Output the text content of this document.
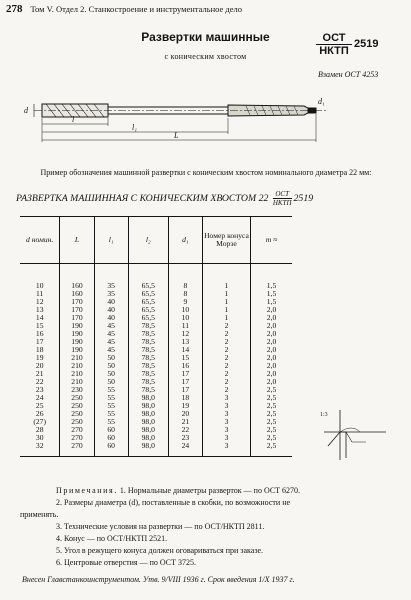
278 Том V. Отдел 2. Станкостроение и инструментальное дело
Развертки машинные
с коническим хвостом
ОСТ
НКТП
2519
Взамен ОСТ 4253
d
l
l₁
L
d₁
Пример обозначения машинной развертки с коническим хвостом номинального диаметра 22 мм:
РАЗВЕРТКА МАШИННАЯ С КОНИЧЕСКИМ ХВОСТОМ $22 \frac{\text{ОСТ}}{\text{НКТП}} 2519$
d номин.	L	l₁	l₂	d₁	Номер конуса Морзе	m ≈
10	160	35	65,5	8	1	1,5
11	160	35	65,5	8	1	1,5
12	170	40	65,5	9	1	1,5
13	170	40	65,5	10	1	2,0
14	170	40	65,5	10	1	2,0
15	190	45	78,5	11	2	2,0
16	190	45	78,5	12	2	2,0
17	190	45	78,5	13	2	2,0
18	190	45	78,5	14	2	2,0
19	210	50	78,5	15	2	2,0
20	210	50	78,5	16	2	2,0
21	210	50	78,5	17	2	2,0
22	210	50	78,5	17	2	2,0
23	230	55	78,5	17	2	2,5
24	250	55	98,0	18	3	2,5
25	250	55	98,0	19	3	2,5
26	250	55	98,0	20	3	2,5
(27)	250	55	98,0	21	3	2,5
28	270	60	98,0	22	3	2,5
30	270	60	98,0	23	3	2,5
32	270	60	98,0	24	3	2,5
1:3
Примечания. 1. Нормальные диаметры разверток — по ОСТ 6270.
2. Размеры диаметра (d), поставленные в скобки, по возможности не
применять.
3. Технические условия на развертки — по ОСТ/НКТП 2811.
4. Конус — по ОСТ/НКТП 2521.
5. Угол в режущего конуса должен оговариваться при заказе.
6. Центровые отверстия — по ОСТ 3725.
Внесен Главстанкоинструментом. Утв. 9/VIII 1936 г. Срок введения 1/X 1937 г.
